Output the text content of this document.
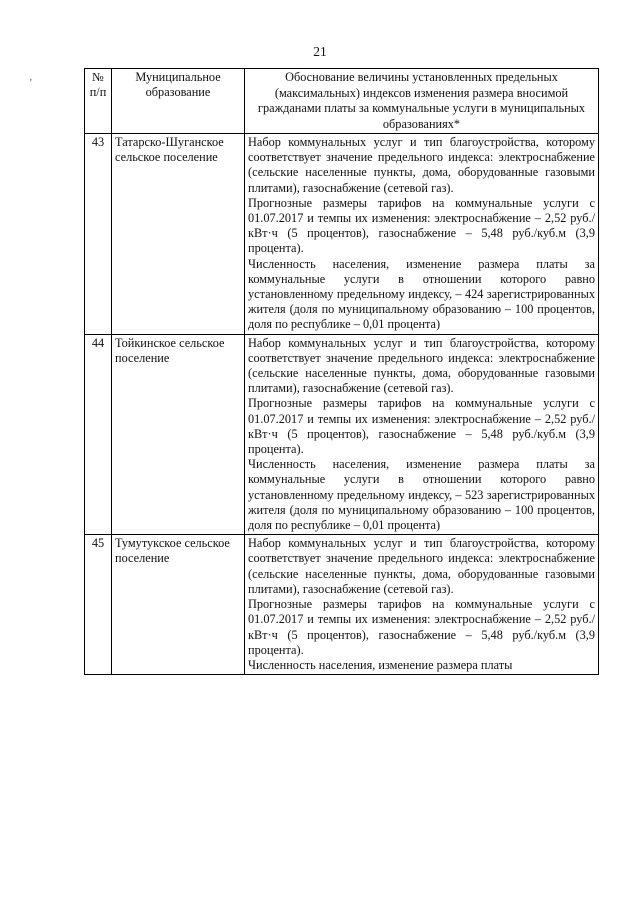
21
'	№ п/п	Муниципальное образование	Обоснование величины установленных предельных (максимальных) индексов изменения размера вносимой гражданами платы за коммунальные услуги в муниципальных образованиях*
43	Татарско-Шуганское сельское поселение	Набор коммунальных услуг и тип благоустройства, которому соответствует значение предельного индекса: электроснабжение (сельские населенные пункты, дома, оборудованные газовыми плитами), газоснабжение (сетевой газ).

Прогнозные размеры тарифов на коммунальные услуги с 01.07.2017 и темпы их изменения: электроснабжение – 2,52 руб./кВт·ч (5 процентов), газоснабжение – 5,48 руб./куб.м (3,9 процента).

Численность населения, изменение размера платы за коммунальные услуги в отношении которого равно установленному предельному индексу, – 424 зарегистрированных жителя (доля по муниципальному образованию – 100 процентов, доля по республике – 0,01 процента)

44	Тойкинское сельское поселение	Набор коммунальных услуг и тип благоустройства, которому соответствует значение предельного индекса: электроснабжение (сельские населенные пункты, дома, оборудованные газовыми плитами), газоснабжение (сетевой газ).

Прогнозные размеры тарифов на коммунальные услуги с 01.07.2017 и темпы их изменения: электроснабжение – 2,52 руб./кВт·ч (5 процентов), газоснабжение – 5,48 руб./куб.м (3,9 процента).

Численность населения, изменение размера платы за коммунальные услуги в отношении которого равно установленному предельному индексу, – 523 зарегистрированных жителя (доля по муниципальному образованию – 100 процентов, доля по республике – 0,01 процента)

45	Тумутукское сельское поселение	Набор коммунальных услуг и тип благоустройства, которому соответствует значение предельного индекса: электроснабжение (сельские населенные пункты, дома, оборудованные газовыми плитами), газоснабжение (сетевой газ).

Прогнозные размеры тарифов на коммунальные услуги с 01.07.2017 и темпы их изменения: электроснабжение – 2,52 руб./кВт·ч (5 процентов), газоснабжение – 5,48 руб./куб.м (3,9 процента).

Численность населения, изменение размера платы
